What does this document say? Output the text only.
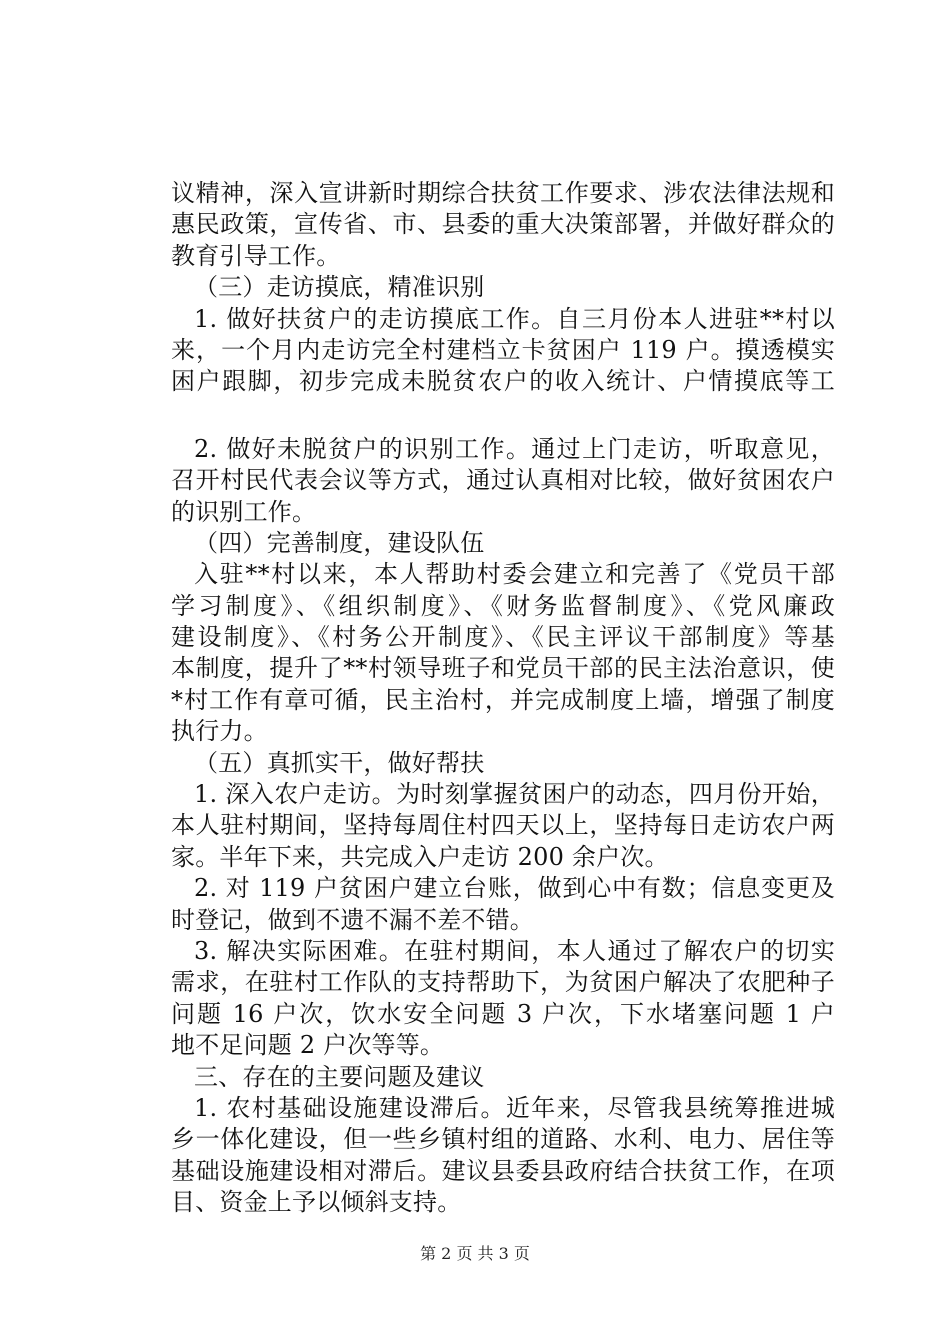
议精神，深入宣讲新时期综合扶贫工作要求、涉农法律法规和
惠民政策，宣传省、市、县委的重大决策部署，并做好群众的
教育引导工作。
（三）走访摸底，精准识别
1. 做好扶贫户的走访摸底工作。自三月份本人进驻**村以
来，一个月内走访完全村建档立卡贫困户 119 户。摸透模实
困户跟脚，初步完成未脱贫农户的收入统计、户情摸底等工
2. 做好未脱贫户的识别工作。通过上门走访，听取意见，
召开村民代表会议等方式，通过认真相对比较，做好贫困农户
的识别工作。
（四）完善制度，建设队伍
入驻**村以来，本人帮助村委会建立和完善了《党员干部
学习制度》、《组织制度》、《财务监督制度》、《党风廉政
建设制度》、《村务公开制度》、《民主评议干部制度》等基
本制度，提升了**村领导班子和党员干部的民主法治意识，使
*村工作有章可循，民主治村，并完成制度上墙，增强了制度
执行力。
（五）真抓实干，做好帮扶
1. 深入农户走访。为时刻掌握贫困户的动态，四月份开始，
本人驻村期间，坚持每周住村四天以上，坚持每日走访农户两
家。半年下来，共完成入户走访 200 余户次。
2. 对 119 户贫困户建立台账，做到心中有数；信息变更及
时登记，做到不遗不漏不差不错。
3. 解决实际困难。在驻村期间，本人通过了解农户的切实
需求，在驻村工作队的支持帮助下，为贫困户解决了农肥种子
问题 16 户次，饮水安全问题 3 户次，下水堵塞问题 1 户
地不足问题 2 户次等等。
三、存在的主要问题及建议
1. 农村基础设施建设滞后。近年来，尽管我县统筹推进城
乡一体化建设，但一些乡镇村组的道路、水利、电力、居住等
基础设施建设相对滞后。建议县委县政府结合扶贫工作，在项
目、资金上予以倾斜支持。
第 2 页 共 3 页
